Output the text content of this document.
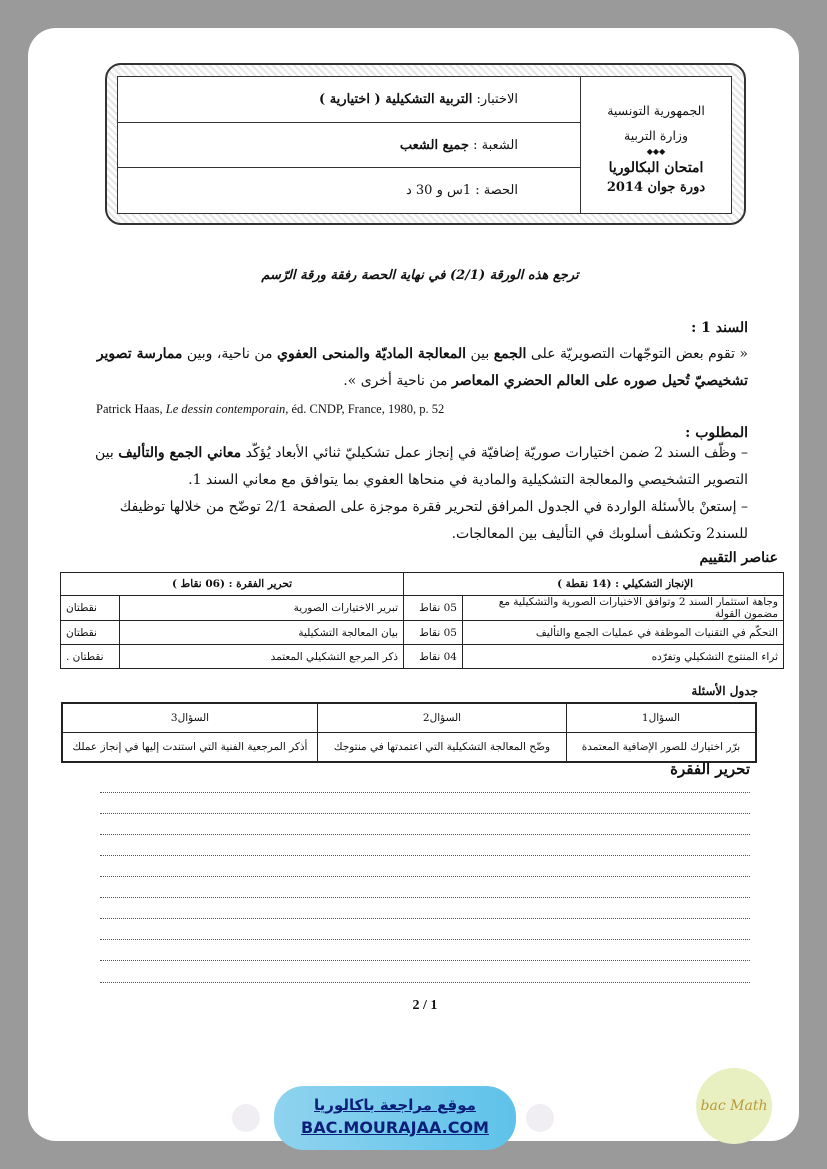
الجمهورية التونسية
وزارة التربية
◆◆◆
امتحان البكالوريا
دورة جوان 2014
الاختبار:

التربية التشكيلية ( اختيارية )
الشعبة :

جميع الشعب
الحصة : 1س و 30 د
ترجع هذه الورقة (2/1) في نهاية الحصة رفقة ورقة الرّسم
السند 1 :
« تقوم بعض التوجّهات التصويريّة على الجمع بين المعالجة الماديّة والمنحى العفوي من ناحية، وبين ممارسة تصوير تشخيصيّ تُحيل صوره على العالم الحضري المعاصر من ناحية أخرى ».
Patrick Haas, Le dessin contemporain, éd. CNDP, France, 1980, p. 52
المطلوب :
– وظّف السند 2 ضمن اختيارات صوريّة إضافيّة في إنجاز عمل تشكيليّ ثنائي الأبعاد يُؤكّد معاني الجمع والتأليف بين التصوير التشخيصي والمعالجة التشكيلية والمادية في منحاها العفوي بما يتوافق مع معاني السند 1.
– إستعنْ بالأسئلة الواردة في الجدول المرافق لتحرير فقرة موجزة على الصفحة 2/1 توضّح من خلالها توظيفك للسند2 وتكشف أسلوبك في التأليف بين المعالجات.
عناصر التقييم
الإنجاز التشكيلي : (14 نقطة )		تحرير الفقرة : (06 نقاط )	
وجاهة استثمار السند 2 وتوافق الاختيارات الصورية والتشكيلية مع مضمون القولة	05 نقاط	تبرير الاختيارات الصورية	نقطتان
التحكّم في التقنيات الموظفة في عمليات الجمع والتأليف	05 نقاط	بيان المعالجة التشكيلية	نقطتان
ثراء المنتوج التشكيلي وتفرّده	04 نقاط	ذكر المرجع التشكيلي المعتمد	نقطتان .
جدول الأسئلة
السؤال1	السؤال2	السؤال3
برّر اختيارك للصور الإضافية المعتمدة	وضّح المعالجة التشكيلية التي اعتمدتها في منتوجك	أذكر المرجعية الفنية التي استندت إليها في إنجاز عملك
تحرير الفقرة
2 / 1
موقع مراجعة باكالوريا
BAC.MOURAJAA.COM
bac Math
